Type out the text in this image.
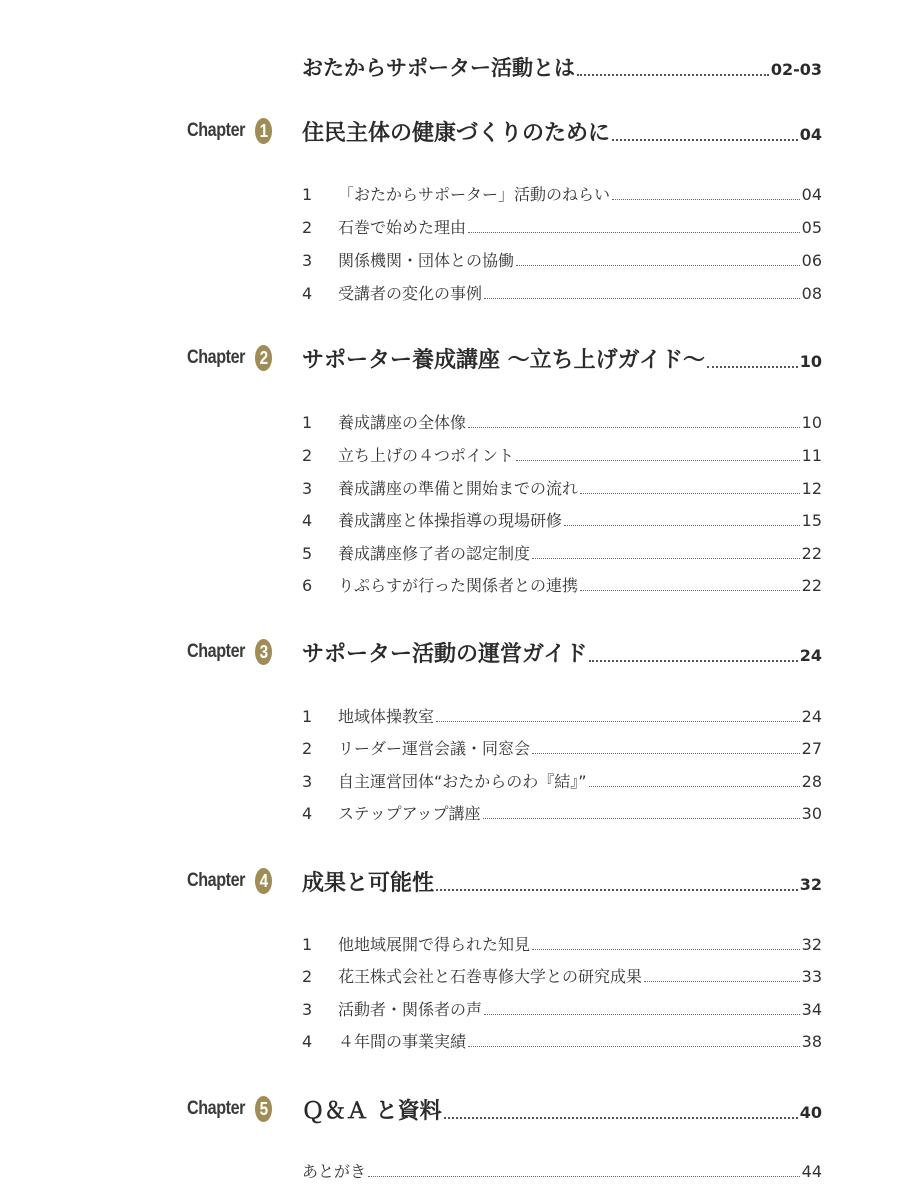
おたからサポーター活動とは	02-03
Chapter 1 住民主体の健康づくりのために	04
1 「おたからサポーター」活動のねらい	04
2 石巻で始めた理由	05
3 関係機関・団体との協働	06
4 受講者の変化の事例	08
Chapter 2 サポーター養成講座 ～立ち上げガイド～	10
1 養成講座の全体像	10
2 立ち上げの４つポイント	11
3 養成講座の準備と開始までの流れ	12
4 養成講座と体操指導の現場研修	15
5 養成講座修了者の認定制度	22
6 りぷらすが行った関係者との連携	22
Chapter 3 サポーター活動の運営ガイド	24
1 地域体操教室	24
2 リーダー運営会議・同窓会	27
3 自主運営団体“おたからのわ『結』”	28
4 ステップアップ講座	30
Chapter 4 成果と可能性	32
1 他地域展開で得られた知見	32
2 花王株式会社と石巻専修大学との研究成果	33
3 活動者・関係者の声	34
4 ４年間の事業実績	38
Chapter 5 Ｑ＆Ａ と資料	40
あとがき	44
